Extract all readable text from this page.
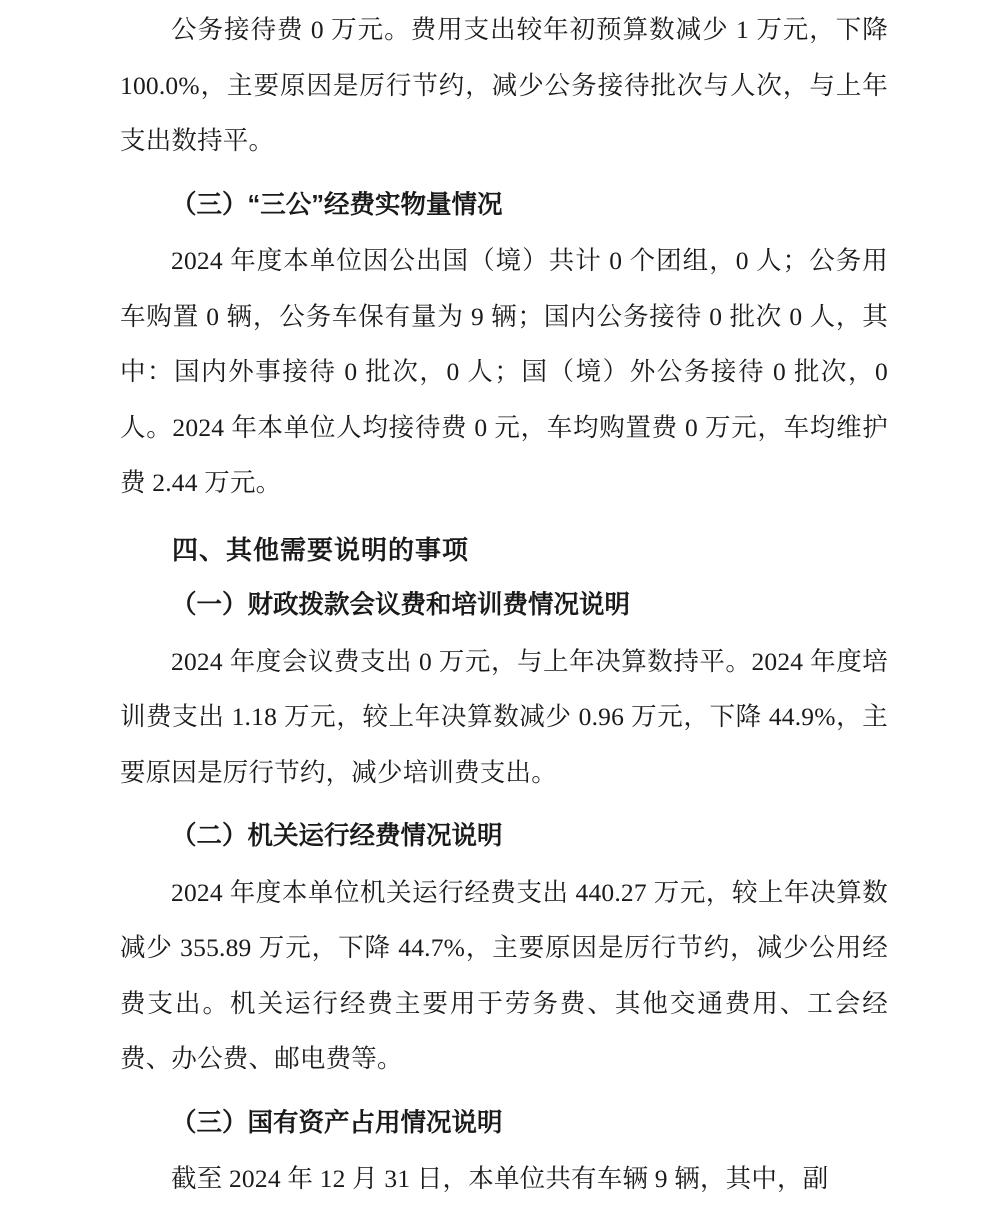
公务接待费 0 万元。费用支出较年初预算数减少 1 万元，下降 100.0%，主要原因是厉行节约，减少公务接待批次与人次，与上年支出数持平。

（三）“三公”经费实物量情况

2024 年度本单位因公出国（境）共计 0 个团组，0 人；公务用车购置 0 辆，公务车保有量为 9 辆；国内公务接待 0 批次 0 人，其中：国内外事接待 0 批次，0 人；国（境）外公务接待 0 批次，0 人。2024 年本单位人均接待费 0 元，车均购置费 0 万元，车均维护费 2.44 万元。

四、其他需要说明的事项

（一）财政拨款会议费和培训费情况说明

2024 年度会议费支出 0 万元，与上年决算数持平。2024 年度培训费支出 1.18 万元，较上年决算数减少 0.96 万元，下降 44.9%，主要原因是厉行节约，减少培训费支出。

（二）机关运行经费情况说明

2024 年度本单位机关运行经费支出 440.27 万元，较上年决算数减少 355.89 万元，下降 44.7%，主要原因是厉行节约，减少公用经费支出。机关运行经费主要用于劳务费、其他交通费用、工会经费、办公费、邮电费等。

（三）国有资产占用情况说明

截至 2024 年 12 月 31 日，本单位共有车辆 9 辆，其中，副
